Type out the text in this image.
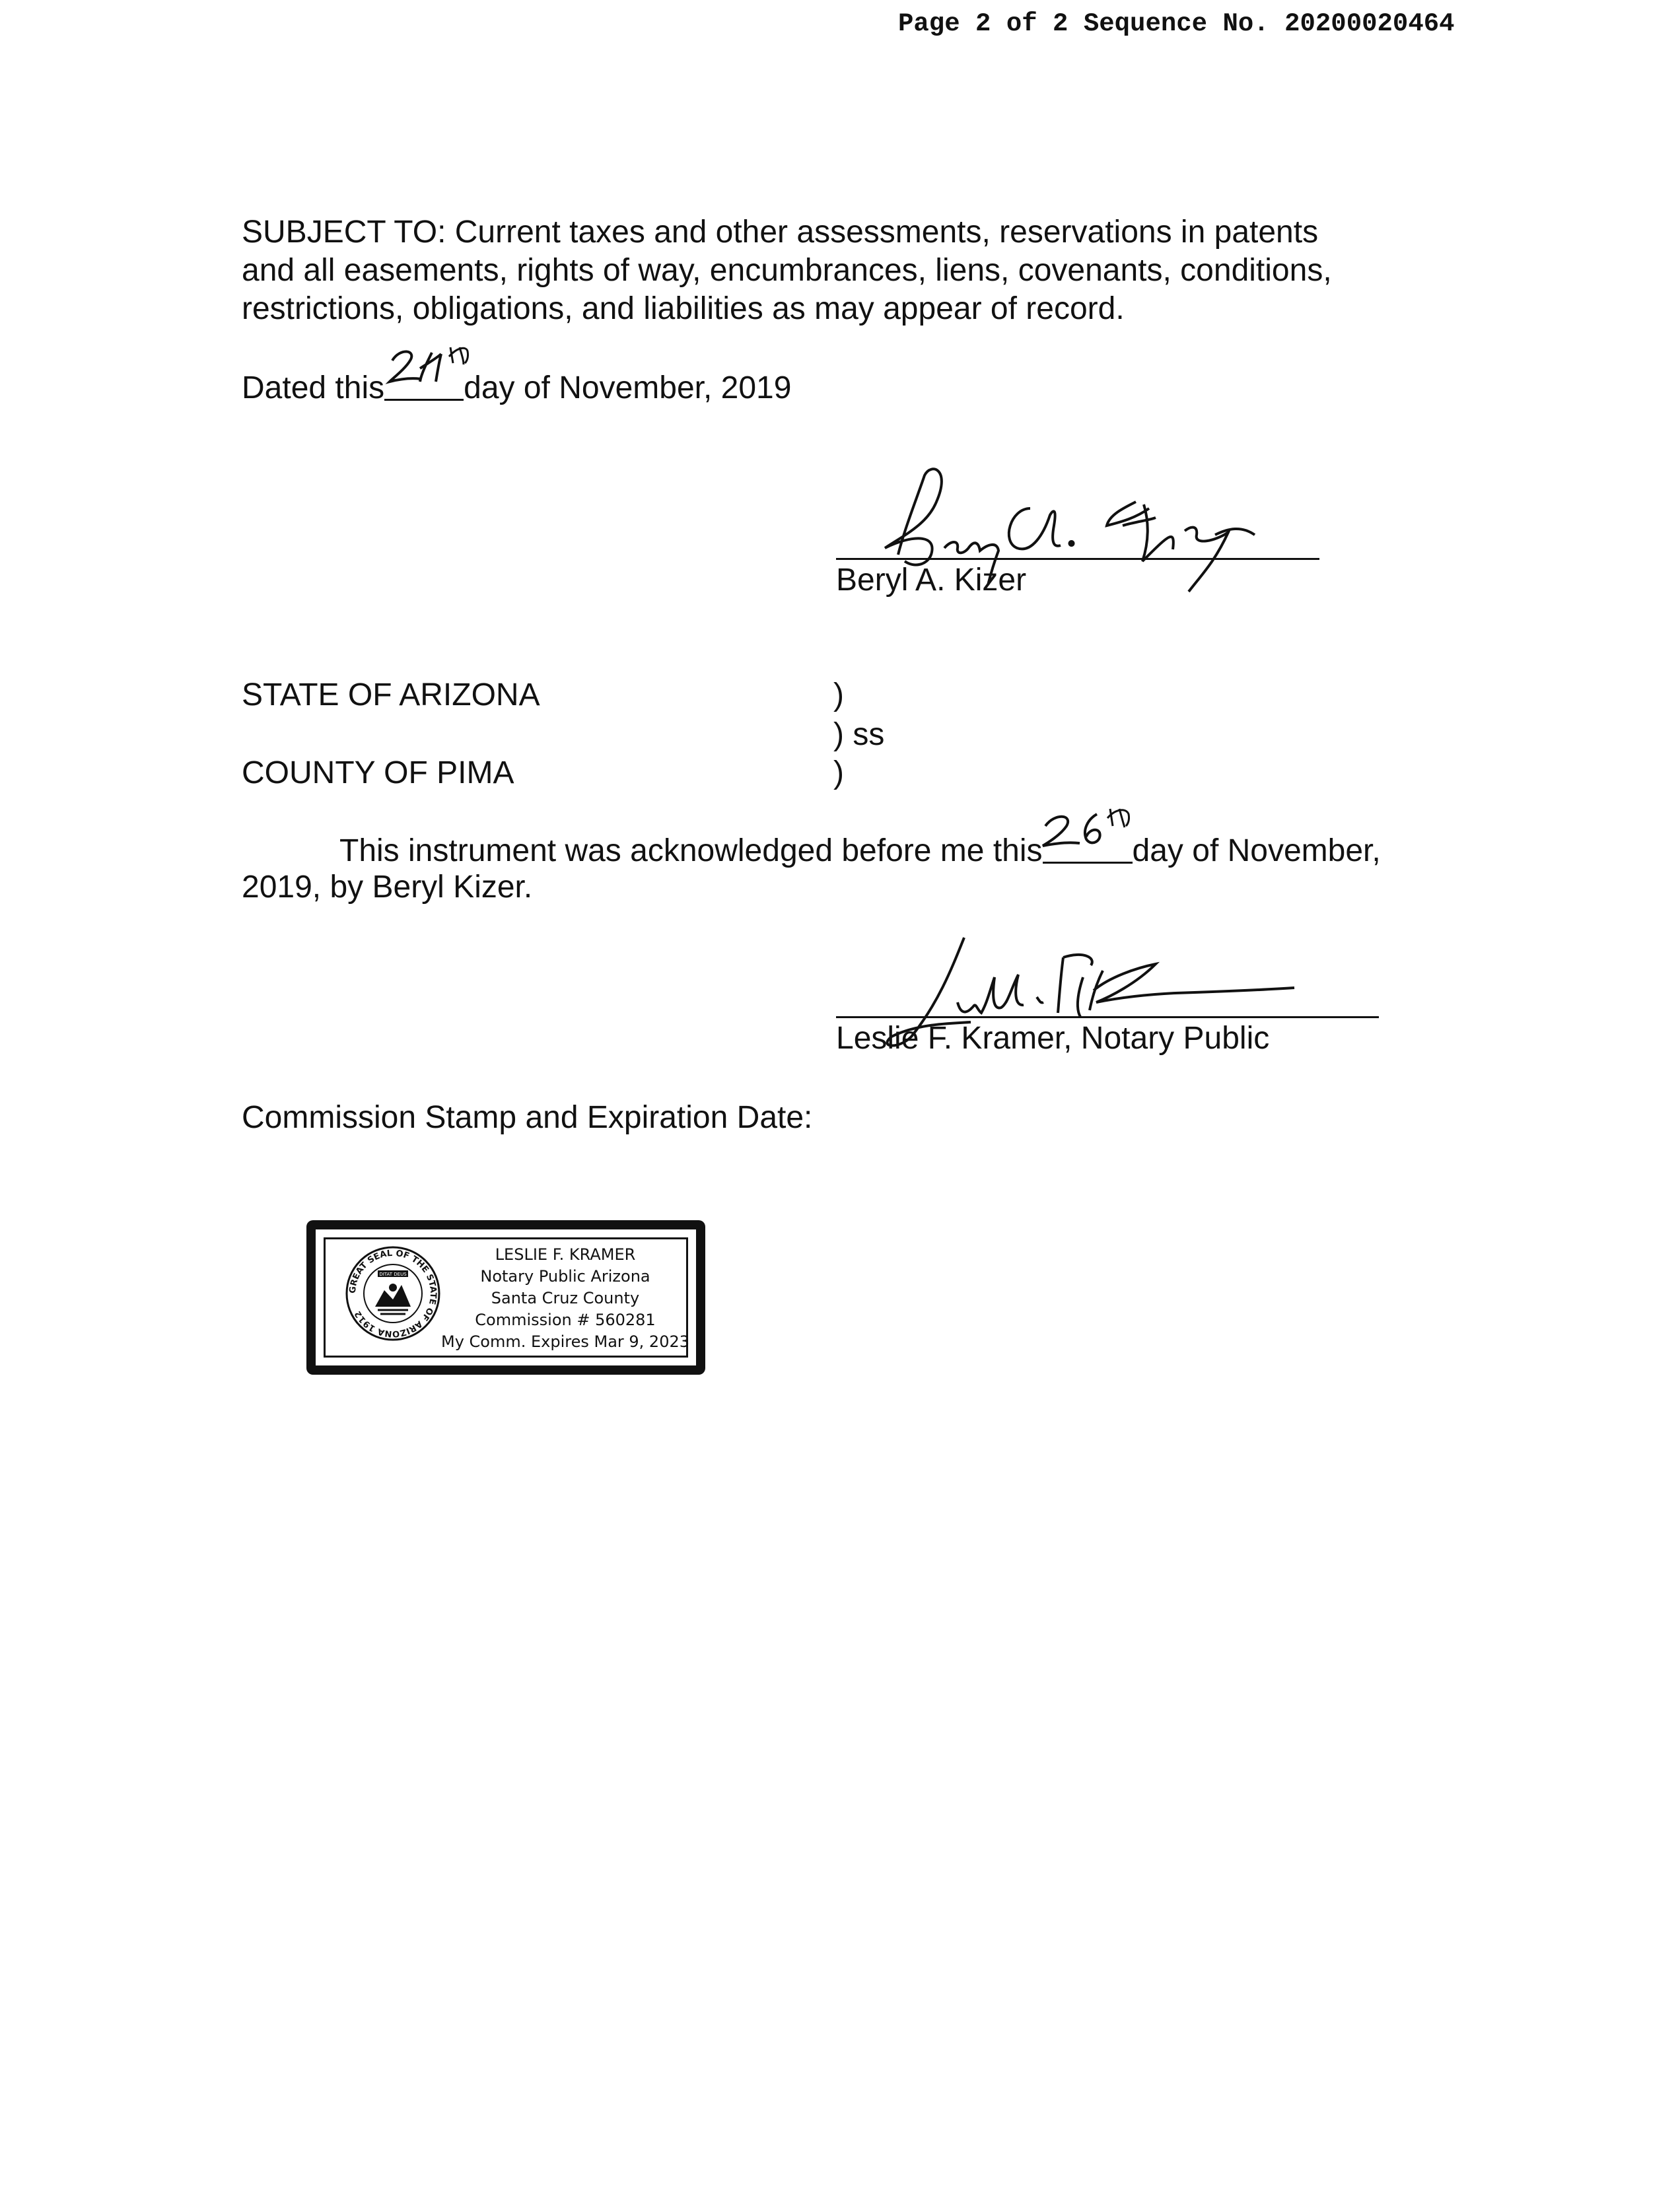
Page 2 of 2 Sequence No. 20200020464

SUBJECT TO: Current taxes and other assessments, reservations in patents

and all easements, rights of way, encumbrances, liens, covenants, conditions,

restrictions, obligations, and liabilities as may appear of record.

Dated this	day of November, 2019
Beryl A. Kizer
STATE OF ARIZONA
COUNTY OF PIMA
)
) ss
)
This instrument was acknowledged before me this	day of November,
2019, by Beryl Kizer.
Leslie F. Kramer, Notary Public
Commission Stamp and Expiration Date:
GREAT SEAL OF THE STATE OF ARIZONA 1912
DITAT DEUS
LESLIE F. KRAMER
Notary Public Arizona
Santa Cruz County
Commission # 560281
My Comm. Expires Mar 9, 2023
